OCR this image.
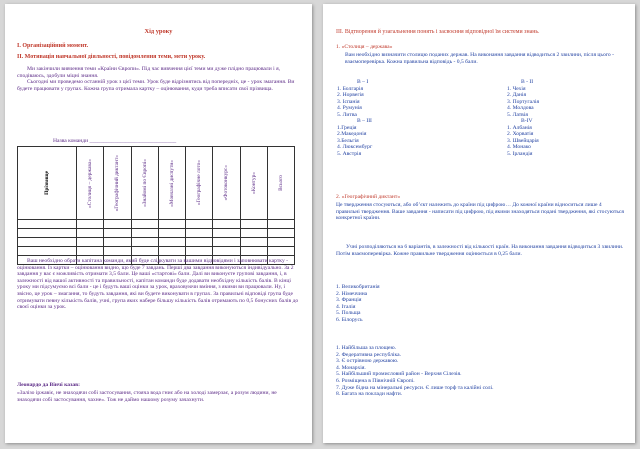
Хід уроку
І. Організаційний момент.
ІІ. Мотивація навчальної діяльності, повідомлення теми, мети уроку.

Ми закінчили вивчення теми «Країни Європи». Під час вивчення цієї теми ми дуже плідно працювали і я, сподіваюсь, здобули міцні знання.

Сьогодні ми проведемо останній урок з цієї теми. Урок буде відрізнятись від попередніх, це - урок змагання. Ви будете працювати у групах. Кожна група отримала картку – оцінювання, куди треба вписати свої прізвища.

Назва команди _______________________________
Прізвище	«Столиця – держава»	«Географічний диктант»	«Знайомі по Європі»	«Мовчазні диспути»	«Географічне лото»	«Фотоконкурс»	«Контур»	Всього

Ваш необхідно обрати капітана команди, який буде слідкувати за вашими відповідями і заповнювати картку - оцінювання. Із картки – оцінювання видно, що буде 7 завдань. Перші два завдання виконуються індивідуально. За 2 завдання у вас є можливість отримати 3,5 бали. Це ваші «стартові» бали. Далі ви виконуєте групові завдання, і, в залежності від вашої активності та правильності, капітан команди буде додавати необхідну кількість балів. В кінці уроку ми підсумуємо всі бали - це і будуть ваші оцінки за урок, враховуючи вміння, з якими ви працювали. Ну, і звісно, це урок – змагання, то будуть завдання, які ви будете виконувати в групах. За правильні відповіді група буде отримувати певну кількість балів, учні, група яких набере більшу кількість балів отримають по 0,5 бонусних балів до своєї оцінки за урок.

Леонардо да Вінчі казав:
«Залізо іржавіє, не знаходячи собі застосування, стояча вода гниє або на холоді замерзає, а розум людини, не знаходячи собі застосування, чахне». Тож не даймо нашому розуму зачахнути.
ІІІ. Відтворення й узагальнення понять і засвоєння відповідної їм системи знань.
1. «Столиця – держава»
Вам необхідно визначити столицю поданих держав. На виконання завдання відводиться 2 хвилини, після цього - взаємоперевірка. Кожна правильна відповідь - 0,5 бали.

В – І

1. Болгарія

2. Норвегія

3. Іспанія

4. Румунія

5. Литва

В - ІІ

1. Чехія

2. Данія

3. Португалія

4. Молдова

5. Латвія

В – ІІІ

1.Греція

2.Македонія

3.Бельгія

4. Люксембург

5. Австрія

В-IV

1. Албанія

2. Хорватія

3. Швейцарія

4. Монако

5. Ірландія

2. «Географічний диктант»
Це твердження стосуються, або об’єкт належить до країни під цифрою… До кожної країни відноситься лише 4 правильні твердження. Ваше завдання - написати під цифрою, під якими знаходяться подані твердження, які стосуються конкретної країни.

Учні розподіляються на 6 варіантів, в залежності від кількості країн. На виконання завдання відводиться 3 хвилини. Потім взаємоперевірка. Кожне правильне твердження оцінюється в 0,25 бали.

1. Великобританія

2. Німеччина

3. Франція

4. Італія

5. Польща

6. Білорусь

1. Найбільша за площею.

2. Федеративна республіка.

3. Є острівною державою.

4. Монархія.

5. Найбільший промисловий район - Верхня Сілезія.

6. Розміщена в Північній Європі.

7. Дуже бідна на мінеральні ресурси. Є лише торф та калійні солі.

8. Багата на поклади нафти.
